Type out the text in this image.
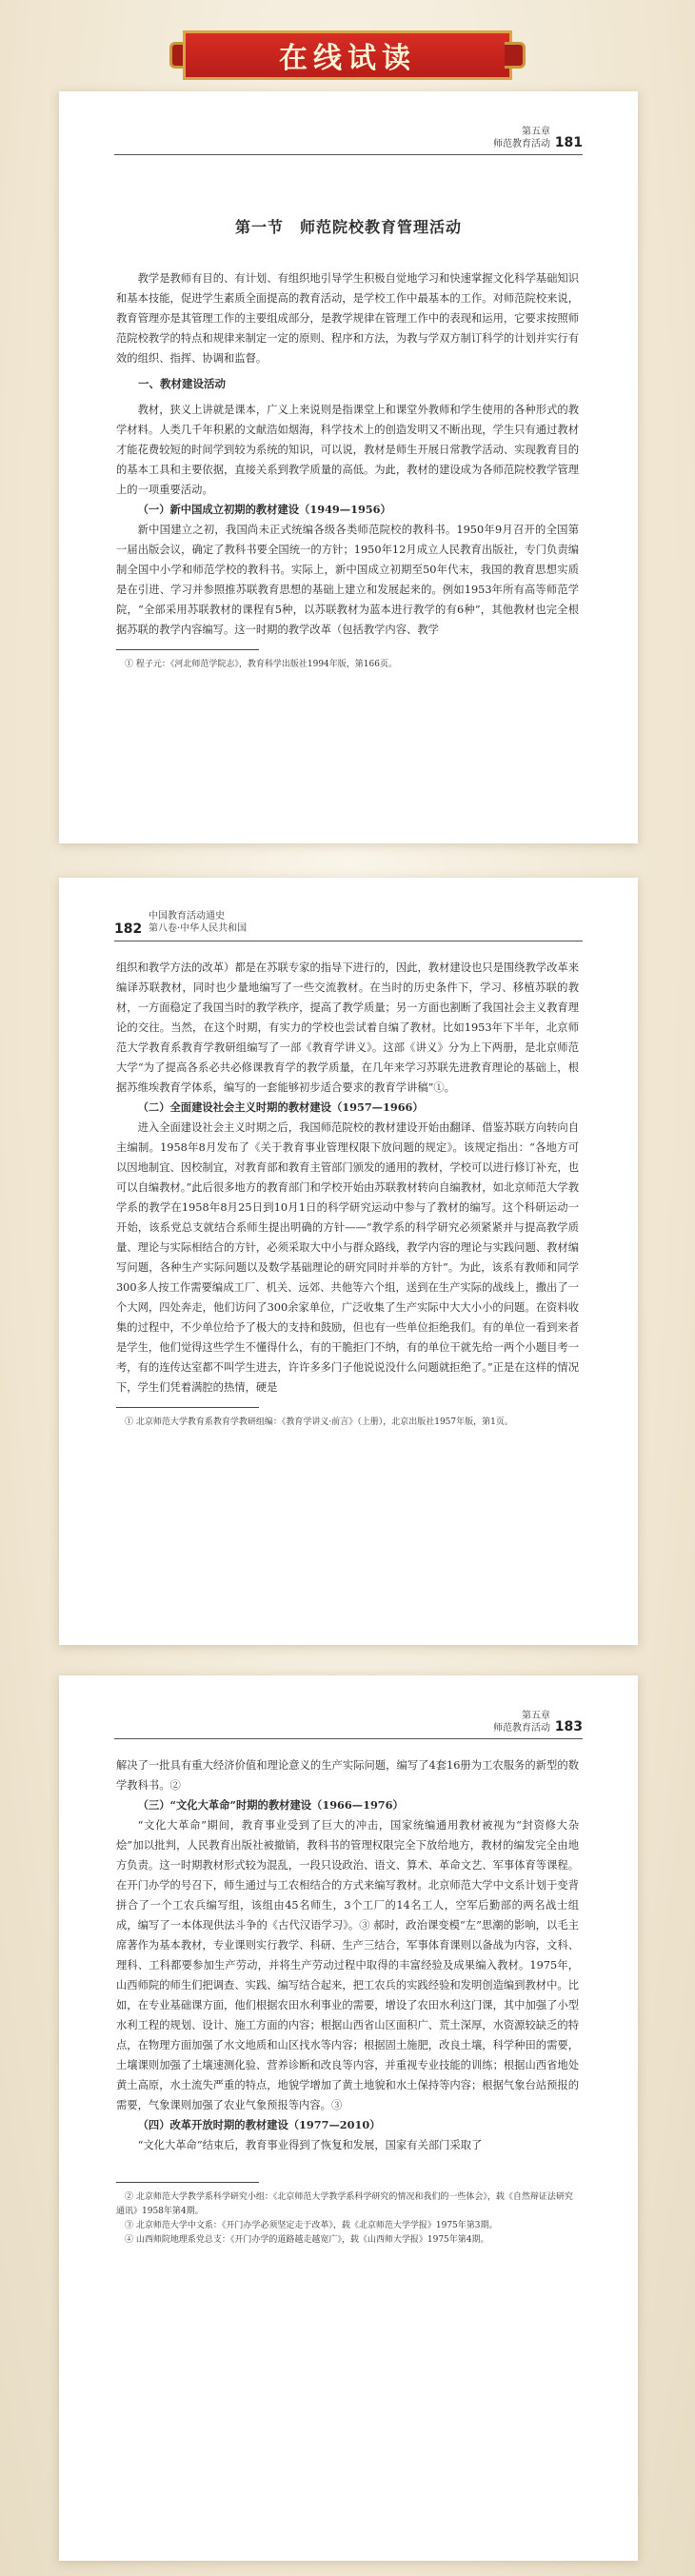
在线试读
第五章
师范教育活动 181

第一节　师范院校教育管理活动

教学是教师有目的、有计划、有组织地引导学生积极自觉地学习和快速掌握文化科学基础知识和基本技能，促进学生素质全面提高的教育活动，是学校工作中最基本的工作。对师范院校来说，教育管理亦是其管理工作的主要组成部分，是教学规律在管理工作中的表现和运用，它要求按照师范院校教学的特点和规律来制定一定的原则、程序和方法，为教与学双方制订科学的计划并实行有效的组织、指挥、协调和监督。

一、教材建设活动

教材，狭义上讲就是课本，广义上来说则是指课堂上和课堂外教师和学生使用的各种形式的教学材料。人类几千年积累的文献浩如烟海，科学技术上的创造发明又不断出现，学生只有通过教材才能花费较短的时间学到较为系统的知识，可以说，教材是师生开展日常教学活动、实现教育目的的基本工具和主要依据，直接关系到教学质量的高低。为此，教材的建设成为各师范院校教学管理上的一项重要活动。

（一）新中国成立初期的教材建设（1949—1956）

新中国建立之初，我国尚未正式统编各级各类师范院校的教科书。1950年9月召开的全国第一届出版会议，确定了教科书要全国统一的方针；1950年12月成立人民教育出版社，专门负责编制全国中小学和师范学校的教科书。实际上，新中国成立初期至50年代末，我国的教育思想实质是在引进、学习并参照推苏联教育思想的基础上建立和发展起来的。例如1953年所有高等师范学院，“全部采用苏联教材的课程有5种，以苏联教材为蓝本进行教学的有6种”，其他教材也完全根据苏联的教学内容编写。这一时期的教学改革（包括教学内容、教学

① 程子元：《河北师范学院志》，教育科学出版社1994年版，第166页。

182
中国教育活动通史
第八卷·中华人民共和国

组织和教学方法的改革）都是在苏联专家的指导下进行的，因此，教材建设也只是围绕教学改革来编译苏联教材，同时也少量地编写了一些交流教材。在当时的历史条件下，学习、移植苏联的教材，一方面稳定了我国当时的教学秩序，提高了教学质量；另一方面也割断了我国社会主义教育理论的交往。当然，在这个时期，有实力的学校也尝试着自编了教材。比如1953年下半年，北京师范大学教育系教育学教研组编写了一部《教育学讲义》。这部《讲义》分为上下两册，是北京师范大学“为了提高各系必共必修课教育学的教学质量，在几年来学习苏联先进教育理论的基础上，根据苏维埃教育学体系，编写的一套能够初步适合要求的教育学讲稿”①。

（二）全面建设社会主义时期的教材建设（1957—1966）

进入全面建设社会主义时期之后，我国师范院校的教材建设开始由翻译、借鉴苏联方向转向自主编制。1958年8月发布了《关于教育事业管理权限下放问题的规定》。该规定指出：“各地方可以因地制宜、因校制宜，对教育部和教育主管部门颁发的通用的教材，学校可以进行修订补充，也可以自编教材。”此后很多地方的教育部门和学校开始由苏联教材转向自编教材，如北京师范大学教学系的教学在1958年8月25日到10月1日的科学研究运动中参与了教材的编写。这个科研运动一开始，该系党总支就结合系师生提出明确的方针——“教学系的科学研究必须紧紧并与提高教学质量、理论与实际相结合的方针，必须采取大中小与群众路线，教学内容的理论与实践问题、教材编写问题，各种生产实际问题以及数学基础理论的研究同时并举的方针”。为此，该系有教师和同学300多人按工作需要编成工厂、机关、远郊、共他等六个组，送到在生产实际的战线上，撒出了一个大网，四处奔走，他们访问了300余家单位，广泛收集了生产实际中大大小小的问题。在资料收集的过程中，不少单位给予了极大的支持和鼓励，但也有一些单位拒绝我们。有的单位一看到来者是学生，他们觉得这些学生不懂得什么，有的干脆拒门不纳，有的单位干就先给一两个小题目考一考，有的连传达室都不叫学生进去，许许多多门子他说说没什么问题就拒绝了。”正是在这样的情况下，学生们凭着满腔的热情，硬是

① 北京师范大学教育系教育学教研组编：《教育学讲义·前言》（上册），北京出版社1957年版，第1页。

第五章
师范教育活动 183

解决了一批具有重大经济价值和理论意义的生产实际问题，编写了4套16册为工农服务的新型的数学教科书。②

（三）“文化大革命”时期的教材建设（1966—1976）

“文化大革命”期间，教育事业受到了巨大的冲击，国家统编通用教材被视为“封资修大杂烩”加以批判，人民教育出版社被撤销，教科书的管理权限完全下放给地方，教材的编发完全由地方负责。这一时期教材形式较为混乱，一段只设政治、语文、算术、革命文艺、军事体育等课程。在开门办学的号召下，师生通过与工农相结合的方式来编写教材。北京师范大学中文系计划于变背拼合了一个工农兵编写组，该组由45名师生，3个工厂的14名工人，空军后勤部的两名战士组成，编写了一本体现供法斗争的《古代汉语学习》。③ 郝时，政治课变模“左”思潮的影响，以毛主席著作为基本教材，专业课则实行教学、科研、生产三结合，军事体育课则以备战为内容，文科、理科、工科都要参加生产劳动，并将生产劳动过程中取得的丰富经验及成果编入教材。1975年，山西师院的师生们把调查、实践、编写结合起来，把工农兵的实践经验和发明创造编到教材中。比如，在专业基础课方面，他们根据农田水利事业的需要，增设了农田水利这门课，其中加强了小型水利工程的规划、设计、施工方面的内容；根据山西省山区面积广、荒土深厚，水资源较缺乏的特点，在物理方面加强了水文地质和山区找水等内容；根据固土施肥，改良土壤，科学种田的需要，土壤课则加强了土壤速测化验、营养诊断和改良等内容，并重视专业技能的训练；根据山西省地处黄土高原，水土流失严重的特点，地貌学增加了黄土地貌和水土保持等内容；根据气象台站预报的需要，气象课则加强了农业气象预报等内容。③

（四）改革开放时期的教材建设（1977—2010）

“文化大革命”结束后，教育事业得到了恢复和发展，国家有关部门采取了

② 北京师范大学教学系科学研究小组：《北京师范大学教学系科学研究的情况和我们的一些体会》，载《自然辩证法研究通讯》1958年第4期。

③ 北京师范大学中文系：《开门办学必须坚定走于改革》，载《北京师范大学学报》1975年第3期。

④ 山西师院地理系党总支：《开门办学的道路越走越宽广》，载《山西师大学报》1975年第4期。
